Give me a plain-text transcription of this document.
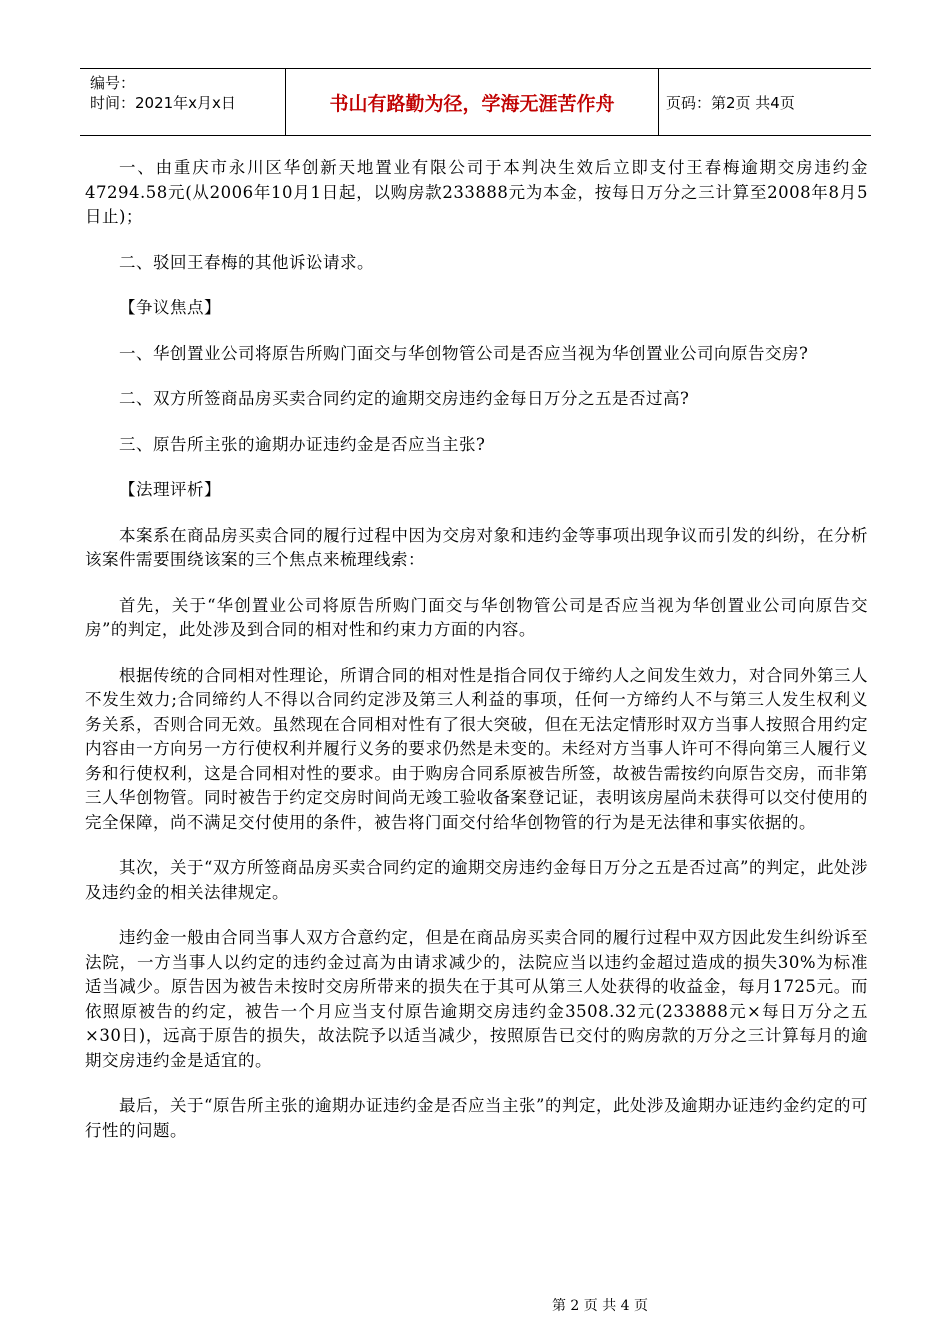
编号：
时间：2021年x月x日	书山有路勤为径，学海无涯苦作舟	页码：第2页 共4页

一、由重庆市永川区华创新天地置业有限公司于本判决生效后立即支付王春梅逾期交房违约金47294.58元(从2006年10月1日起，以购房款233888元为本金，按每日万分之三计算至2008年8月5日止)；

二、驳回王春梅的其他诉讼请求。

【争议焦点】

一、华创置业公司将原告所购门面交与华创物管公司是否应当视为华创置业公司向原告交房?

二、双方所签商品房买卖合同约定的逾期交房违约金每日万分之五是否过高?

三、原告所主张的逾期办证违约金是否应当主张?

【法理评析】

本案系在商品房买卖合同的履行过程中因为交房对象和违约金等事项出现争议而引发的纠纷，在分析该案件需要围绕该案的三个焦点来梳理线索：

首先，关于“华创置业公司将原告所购门面交与华创物管公司是否应当视为华创置业公司向原告交房”的判定，此处涉及到合同的相对性和约束力方面的内容。

根据传统的合同相对性理论，所谓合同的相对性是指合同仅于缔约人之间发生效力，对合同外第三人不发生效力;合同缔约人不得以合同约定涉及第三人利益的事项，任何一方缔约人不与第三人发生权利义务关系，否则合同无效。虽然现在合同相对性有了很大突破，但在无法定情形时双方当事人按照合用约定内容由一方向另一方行使权利并履行义务的要求仍然是未变的。未经对方当事人许可不得向第三人履行义务和行使权利，这是合同相对性的要求。由于购房合同系原被告所签，故被告需按约向原告交房，而非第三人华创物管。同时被告于约定交房时间尚无竣工验收备案登记证，表明该房屋尚未获得可以交付使用的完全保障，尚不满足交付使用的条件，被告将门面交付给华创物管的行为是无法律和事实依据的。

其次，关于“双方所签商品房买卖合同约定的逾期交房违约金每日万分之五是否过高”的判定，此处涉及违约金的相关法律规定。

违约金一般由合同当事人双方合意约定，但是在商品房买卖合同的履行过程中双方因此发生纠纷诉至法院，一方当事人以约定的违约金过高为由请求减少的，法院应当以违约金超过造成的损失30%为标准适当减少。原告因为被告未按时交房所带来的损失在于其可从第三人处获得的收益金，每月1725元。而依照原被告的约定，被告一个月应当支付原告逾期交房违约金3508.32元(233888元×每日万分之五×30日)，远高于原告的损失，故法院予以适当减少，按照原告已交付的购房款的万分之三计算每月的逾期交房违约金是适宜的。

最后，关于“原告所主张的逾期办证违约金是否应当主张”的判定，此处涉及逾期办证违约金约定的可行性的问题。

第 2 页 共 4 页
